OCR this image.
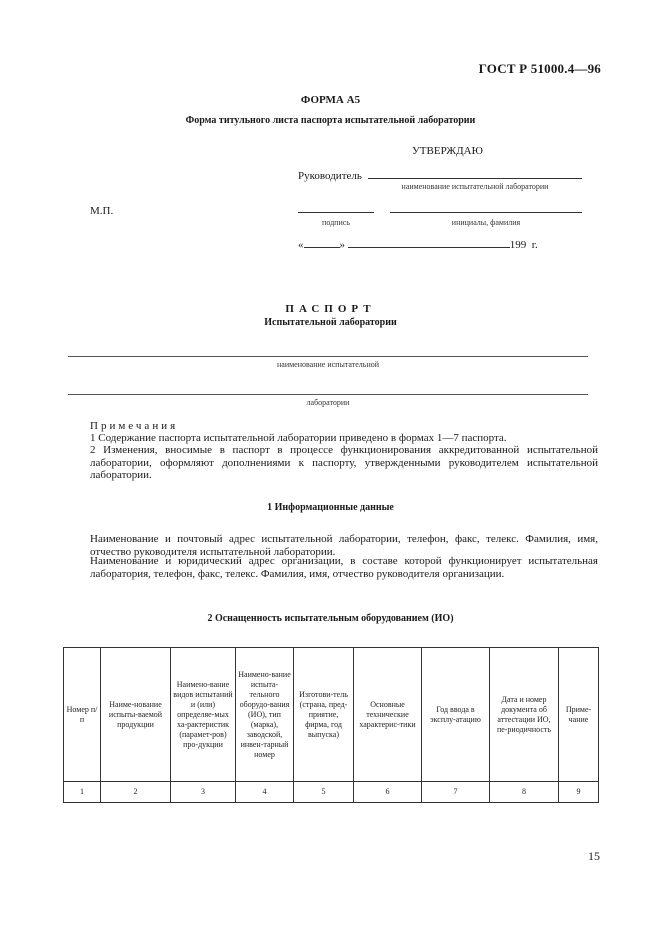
ГОСТ Р 51000.4—96
ФОРМА А5
Форма титульного листа паспорта испытательной лаборатории
УТВЕРЖДАЮ
Руководитель
наименование испытательной лаборатории
М.П.
подпись	инициалы, фамилия
«	»	199 г.
ПАСПОРТ
Испытательной лаборатории
наименование испытательной
лаборатории
Примечания
1 Содержание паспорта испытательной лаборатории приведено в формах 1—7 паспорта.
2 Изменения, вносимые в паспорт в процессе функционирования аккредитованной испытательной лаборатории, оформляют дополнениями к паспорту, утвержденными руководителем испытательной лаборатории.
1 Информационные данные
Наименование и почтовый адрес испытательной лаборатории, телефон, факс, телекс. Фамилия, имя, отчество руководителя испытательной лаборатории.
Наименование и юридический адрес организации, в составе которой функционирует испытательная лаборатория, телефон, факс, телекс. Фамилия, имя, отчество руководителя организации.
2 Оснащенность испытательным оборудованием (ИО)
Номер п/п	Наиме-нование испыты-ваемой продукции	Наимено-вание видов испытаний и (или) определяе-мых ха-рактеристик (парамет-ров) про-дукции	Наимено-вание испыта-тельного оборудо-вания (ИО), тип (марка), заводской, инвен-тарный номер	Изготови-тель (страна, пред-приятие, фирма, год выпуска)	Основные технические характерис-тики	Год ввода в эксплу-атацию	Дата и номер документа об аттестации ИО, пе-риодичность	Приме-чание
1	2	3	4	5	6	7	8	9
15
